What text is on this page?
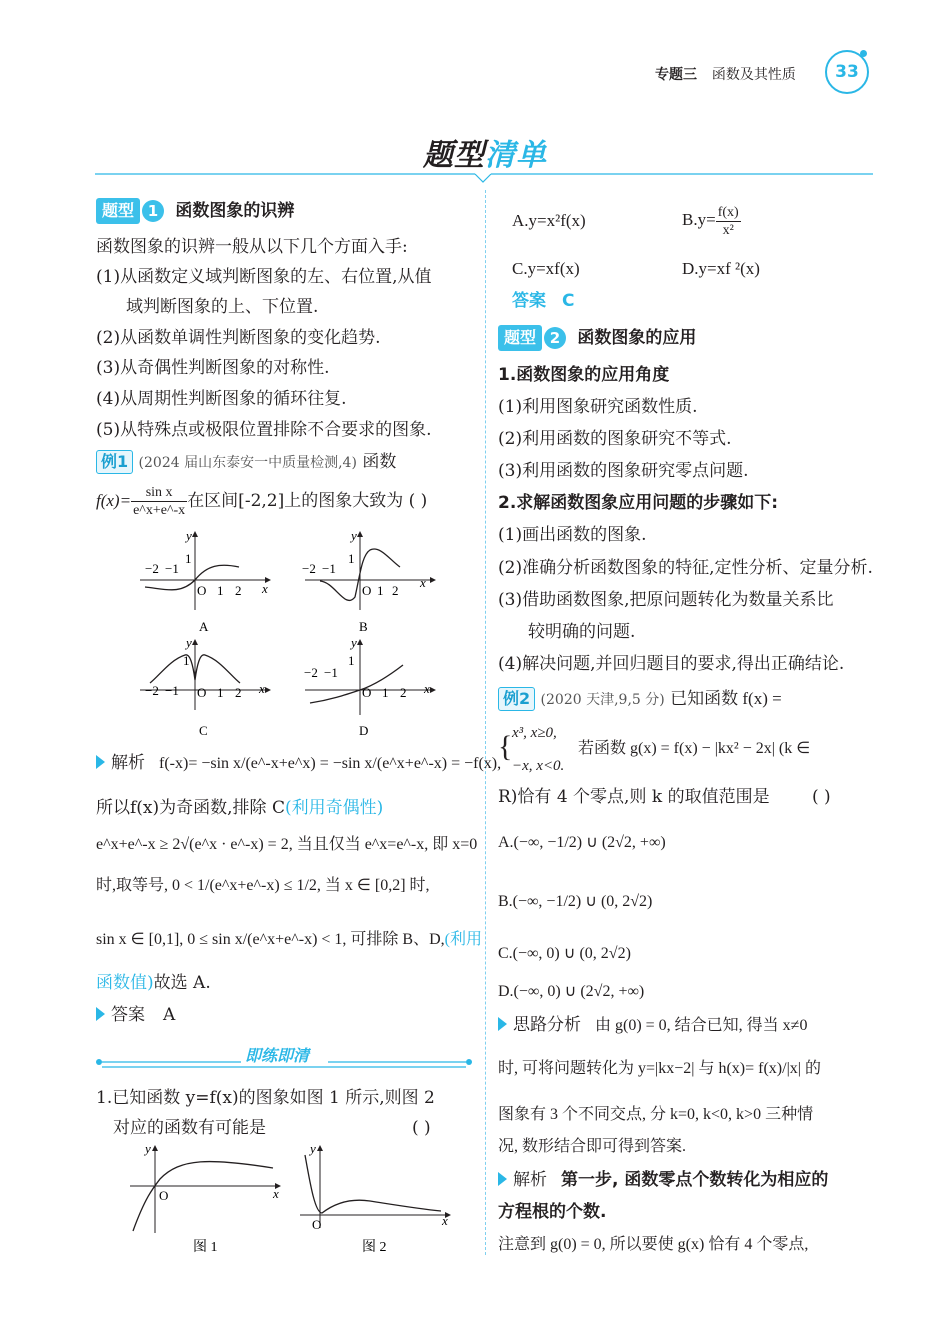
专题三 函数及其性质	33
题型清单
题型 1 函数图象的识辨
函数图象的识辨一般从以下几个方面入手:
(1)从函数定义域判断图象的左、右位置,从值
域判断图象的上、下位置.
(2)从函数单调性判断图象的变化趋势.
(3)从奇偶性判断图象的对称性.
(4)从周期性判断图象的循环往复.
(5)从特殊点或极限位置排除不合要求的图象.
例1 (2024 届山东泰安一中质量检测,4) 函数
$f(x)= \frac{\text{sin x}}{e\^{}x+e\^{}-x}$ 在区间[-2,2]上的图象大致为 ( )
y
x
−2 −1
1
O 1 2
A
y
x
−2 −1
1
O 1 2
B
y
x
−2 −1
1
O 1 2
C
y
x
−2 −1
1
O 1 2
D
解析 f(-x)= −sin x/(e^-x+e^x) = −sin x/(e^x+e^-x) = −f(x),
所以f(x)为奇函数,排除 C(利用奇偶性)
e^x+e^-x ≥ 2√(e^x · e^-x) = 2, 当且仅当 e^x=e^-x, 即 x=0
时,取等号, 0 < 1/(e^x+e^-x) ≤ 1/2, 当 x ∈ [0,2] 时,
sin x ∈ [0,1], 0 ≤ sin x/(e^x+e^-x) < 1, 可排除 B、D,(利用
函数值)故选 A.
答案 A
即练即清
1.已知函数 y=f(x)的图象如图 1 所示,则图 2
对应的函数有可能是	( )
y
x
O
图 1
y
x
O
图 2
A.y=x²f(x)	$B.y= \frac{f(x)}{\text{x²}}$
C.y=xf(x)	D.y=xf ²(x)
答案 C
题型 2 函数图象的应用
1.函数图象的应用角度
(1)利用图象研究函数性质.
(2)利用函数的图象研究不等式.
(3)利用函数的图象研究零点问题.
2.求解函数图象应用问题的步骤如下:
(1)画出函数的图象.
(2)准确分析函数图象的特征,定性分析、定量分析.
(3)借助函数图象,把原问题转化为数量关系比
较明确的问题.
(4)解决问题,并回归题目的要求,得出正确结论.
例2 (2020 天津,9,5 分) 已知函数 f(x) =
{ x³, x≥0,
−x, x<0.
若函数 g(x) = f(x) − |kx² − 2x| (k ∈
R)恰有 4 个零点,则 k 的取值范围是 ( )
A.(−∞, −1/2) ∪ (2√2, +∞)
B.(−∞, −1/2) ∪ (0, 2√2)
C.(−∞, 0) ∪ (0, 2√2)
D.(−∞, 0) ∪ (2√2, +∞)
思路分析 由 g(0) = 0, 结合已知, 得当 x≠0
时, 可将问题转化为 y=|kx−2| 与 h(x)= f(x)/|x| 的
图象有 3 个不同交点, 分 k=0, k<0, k>0 三种情
况, 数形结合即可得到答案.
解析 第一步, 函数零点个数转化为相应的
方程根的个数.
注意到 g(0) = 0, 所以要使 g(x) 恰有 4 个零点,
